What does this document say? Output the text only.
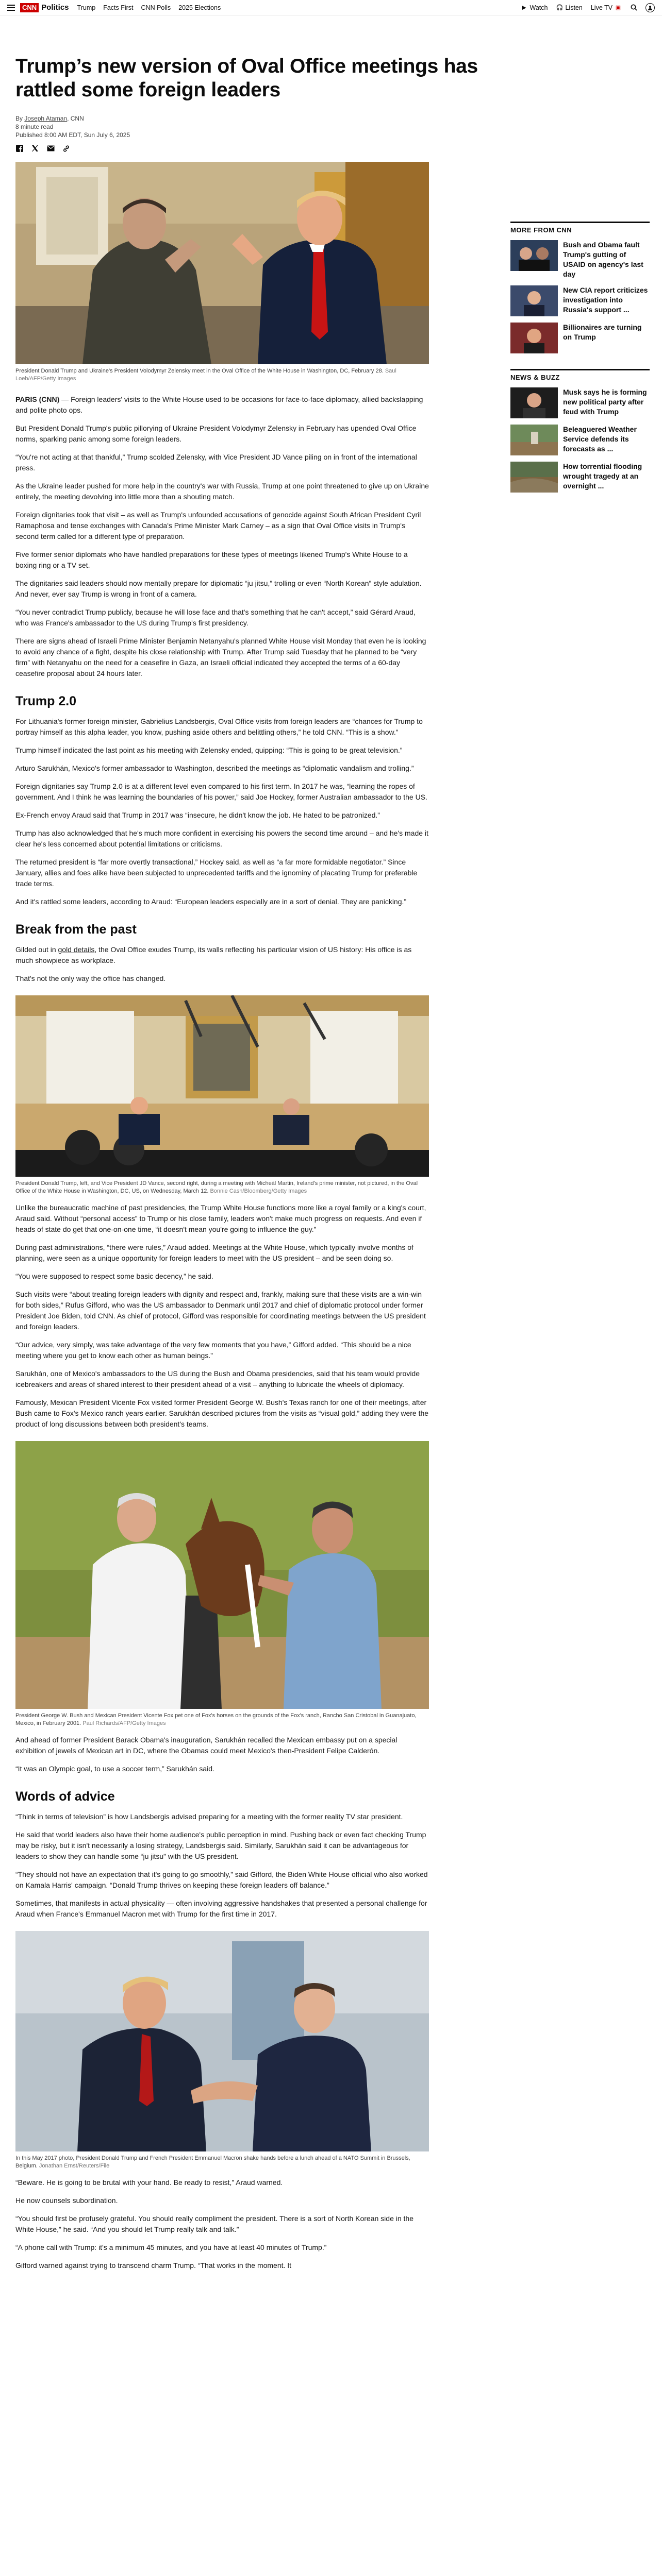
CNN Politics Trump Facts First CNN Polls 2025 Elections	▶ Watch 🎧 Listen Live TV ▣
Trump’s new version of Oval Office meetings has rattled some foreign leaders
By Joseph Ataman, CNN
8 minute read
Published 8:00 AM EDT, Sun July 6, 2025
President Donald Trump and Ukraine's President Volodymyr Zelensky meet in the Oval Office of the White House in Washington, DC, February 28. Saul Loeb/AFP/Getty Images

PARIS (CNN) — Foreign leaders' visits to the White House used to be occasions for face-to-face diplomacy, allied backslapping and polite photo ops.

But President Donald Trump's public pillorying of Ukraine President Volodymyr Zelensky in February has upended Oval Office norms, sparking panic among some foreign leaders.

“You're not acting at that thankful,” Trump scolded Zelensky, with Vice President JD Vance piling on in front of the international press.

As the Ukraine leader pushed for more help in the country's war with Russia, Trump at one point threatened to give up on Ukraine entirely, the meeting devolving into little more than a shouting match.

Foreign dignitaries took that visit – as well as Trump's unfounded accusations of genocide against South African President Cyril Ramaphosa and tense exchanges with Canada's Prime Minister Mark Carney – as a sign that Oval Office visits in Trump's second term called for a different type of preparation.

Five former senior diplomats who have handled preparations for these types of meetings likened Trump's White House to a boxing ring or a TV set.

The dignitaries said leaders should now mentally prepare for diplomatic “ju jitsu,” trolling or even “North Korean” style adulation. And never, ever say Trump is wrong in front of a camera.

“You never contradict Trump publicly, because he will lose face and that's something that he can't accept,” said Gérard Araud, who was France's ambassador to the US during Trump's first presidency.

There are signs ahead of Israeli Prime Minister Benjamin Netanyahu's planned White House visit Monday that even he is looking to avoid any chance of a fight, despite his close relationship with Trump. After Trump said Tuesday that he planned to be “very firm” with Netanyahu on the need for a ceasefire in Gaza, an Israeli official indicated they accepted the terms of a 60-day ceasefire proposal about 24 hours later.

Trump 2.0

For Lithuania's former foreign minister, Gabrielius Landsbergis, Oval Office visits from foreign leaders are “chances for Trump to portray himself as this alpha leader, you know, pushing aside others and belittling others,” he told CNN. “This is a show.”

Trump himself indicated the last point as his meeting with Zelensky ended, quipping: “This is going to be great television.”

Arturo Sarukhán, Mexico's former ambassador to Washington, described the meetings as “diplomatic vandalism and trolling.”

Foreign dignitaries say Trump 2.0 is at a different level even compared to his first term. In 2017 he was, “learning the ropes of government. And I think he was learning the boundaries of his power,” said Joe Hockey, former Australian ambassador to the US.

Ex-French envoy Araud said that Trump in 2017 was “insecure, he didn't know the job. He hated to be patronized.”

Trump has also acknowledged that he's much more confident in exercising his powers the second time around – and he's made it clear he's less concerned about potential limitations or criticisms.

The returned president is “far more overtly transactional,” Hockey said, as well as “a far more formidable negotiator.” Since January, allies and foes alike have been subjected to unprecedented tariffs and the ignominy of placating Trump for preferable trade terms.

And it's rattled some leaders, according to Araud: “European leaders especially are in a sort of denial. They are panicking.”

Break from the past

Gilded out in gold details, the Oval Office exudes Trump, its walls reflecting his particular vision of US history: His office is as much showpiece as workplace.

That's not the only way the office has changed.

President Donald Trump, left, and Vice President JD Vance, second right, during a meeting with Micheál Martin, Ireland's prime minister, not pictured, in the Oval Office of the White House in Washington, DC, US, on Wednesday, March 12. Bonnie Cash/Bloomberg/Getty Images

Unlike the bureaucratic machine of past presidencies, the Trump White House functions more like a royal family or a king's court, Araud said. Without “personal access” to Trump or his close family, leaders won't make much progress on requests. And even if heads of state do get that one-on-one time, “it doesn't mean you're going to influence the guy.”

During past administrations, “there were rules,” Araud added. Meetings at the White House, which typically involve months of planning, were seen as a unique opportunity for foreign leaders to meet with the US president – and be seen doing so.

“You were supposed to respect some basic decency,” he said.

Such visits were “about treating foreign leaders with dignity and respect and, frankly, making sure that these visits are a win-win for both sides,” Rufus Gifford, who was the US ambassador to Denmark until 2017 and chief of diplomatic protocol under former President Joe Biden, told CNN. As chief of protocol, Gifford was responsible for coordinating meetings between the US president and foreign leaders.

“Our advice, very simply, was take advantage of the very few moments that you have,” Gifford added. “This should be a nice meeting where you get to know each other as human beings.”

Sarukhán, one of Mexico's ambassadors to the US during the Bush and Obama presidencies, said that his team would provide icebreakers and areas of shared interest to their president ahead of a visit – anything to lubricate the wheels of diplomacy.

Famously, Mexican President Vicente Fox visited former President George W. Bush's Texas ranch for one of their meetings, after Bush came to Fox's Mexico ranch years earlier. Sarukhán described pictures from the visits as “visual gold,” adding they were the product of long discussions between both president's teams.

President George W. Bush and Mexican President Vicente Fox pet one of Fox's horses on the grounds of the Fox's ranch, Rancho San Cristobal in Guanajuato, Mexico, in February 2001. Paul Richards/AFP/Getty Images

And ahead of former President Barack Obama's inauguration, Sarukhán recalled the Mexican embassy put on a special exhibition of jewels of Mexican art in DC, where the Obamas could meet Mexico's then-President Felipe Calderón.

“It was an Olympic goal, to use a soccer term,” Sarukhán said.

Words of advice

“Think in terms of television” is how Landsbergis advised preparing for a meeting with the former reality TV star president.

He said that world leaders also have their home audience's public perception in mind. Pushing back or even fact checking Trump may be risky, but it isn't necessarily a losing strategy, Landsbergis said. Similarly, Sarukhán said it can be advantageous for leaders to show they can handle some “ju jitsu” with the US president.

“They should not have an expectation that it's going to go smoothly,” said Gifford, the Biden White House official who also worked on Kamala Harris' campaign. “Donald Trump thrives on keeping these foreign leaders off balance.”

Sometimes, that manifests in actual physicality — often involving aggressive handshakes that presented a personal challenge for Araud when France's Emmanuel Macron met with Trump for the first time in 2017.

In this May 2017 photo, President Donald Trump and French President Emmanuel Macron shake hands before a lunch ahead of a NATO Summit in Brussels, Belgium. Jonathan Ernst/Reuters/File

“Beware. He is going to be brutal with your hand. Be ready to resist,” Araud warned.

He now counsels subordination.

“You should first be profusely grateful. You should really compliment the president. There is a sort of North Korean side in the White House,” he said. “And you should let Trump really talk and talk.”

“A phone call with Trump: it's a minimum 45 minutes, and you have at least 40 minutes of Trump.”

Gifford warned against trying to transcend charm Trump. “That works in the moment. It

MORE FROM CNN
Bush and Obama fault Trump's gutting of USAID on agency's last day
New CIA report criticizes investigation into Russia's support ...
Billionaires are turning on Trump
NEWS & BUZZ
Musk says he is forming new political party after feud with Trump
Beleaguered Weather Service defends its forecasts as ...
How torrential flooding wrought tragedy at an overnight ...
